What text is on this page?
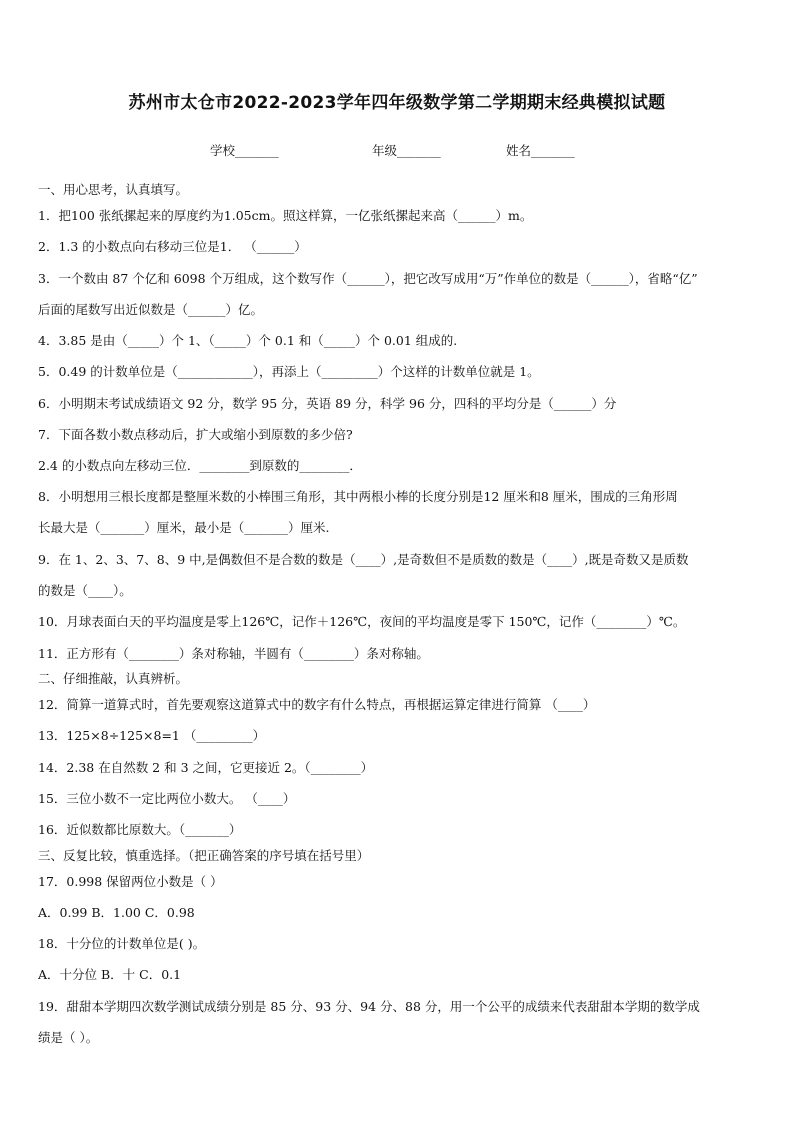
苏州市太仓市2022-2023学年四年级数学第二学期期末经典模拟试题
学校_______	年级_______	姓名_______
一、用心思考，认真填写。
1．把100 张纸摞起来的厚度约为1.05cm。照这样算，一亿张纸摞起来高（______）m。
2．1.3 的小数点向右移动三位是1． （______）
3．一个数由 87 个亿和 6098 个万组成，这个数写作（______），把它改写成用“万”作单位的数是（______），省略“亿”
后面的尾数写出近似数是（______）亿。
4．3.85 是由（_____）个 1、（_____）个 0.1 和（_____）个 0.01 组成的.
5．0.49 的计数单位是（____________），再添上（_________）个这样的计数单位就是 1。
6．小明期末考试成绩语文 92 分，数学 95 分，英语 89 分，科学 96 分，四科的平均分是（______）分
7．下面各数小数点移动后，扩大或缩小到原数的多少倍?
2.4 的小数点向左移动三位．________到原数的________．
8．小明想用三根长度都是整厘米数的小棒围三角形，其中两根小棒的长度分别是12 厘米和8 厘米，围成的三角形周
长最大是（_______）厘米，最小是（_______）厘米.
9．在 1、2、3、7、8、9 中,是偶数但不是合数的数是（____）,是奇数但不是质数的数是（____）,既是奇数又是质数
的数是（____）。
10．月球表面白天的平均温度是零上126℃，记作＋126℃，夜间的平均温度是零下 150℃，记作（________）℃。
11．正方形有（________）条对称轴，半圆有（________）条对称轴。
二、仔细推敲，认真辨析。
12．简算一道算式时，首先要观察这道算式中的数字有什么特点，再根据运算定律进行简算 （____）
13．125×8÷125×8=1 （_________）
14．2.38 在自然数 2 和 3 之间，它更接近 2。（________）
15．三位小数不一定比两位小数大。 （____）
16．近似数都比原数大。（_______）
三、反复比较，慎重选择。（把正确答案的序号填在括号里）
17．0.998 保留两位小数是（ ）
A．0.99 B．1.00 C．0.98
18．十分位的计数单位是( )。
A．十分位 B．十 C．0.1
19．甜甜本学期四次数学测试成绩分别是 85 分、93 分、94 分、88 分，用一个公平的成绩来代表甜甜本学期的数学成
绩是（ ）。
